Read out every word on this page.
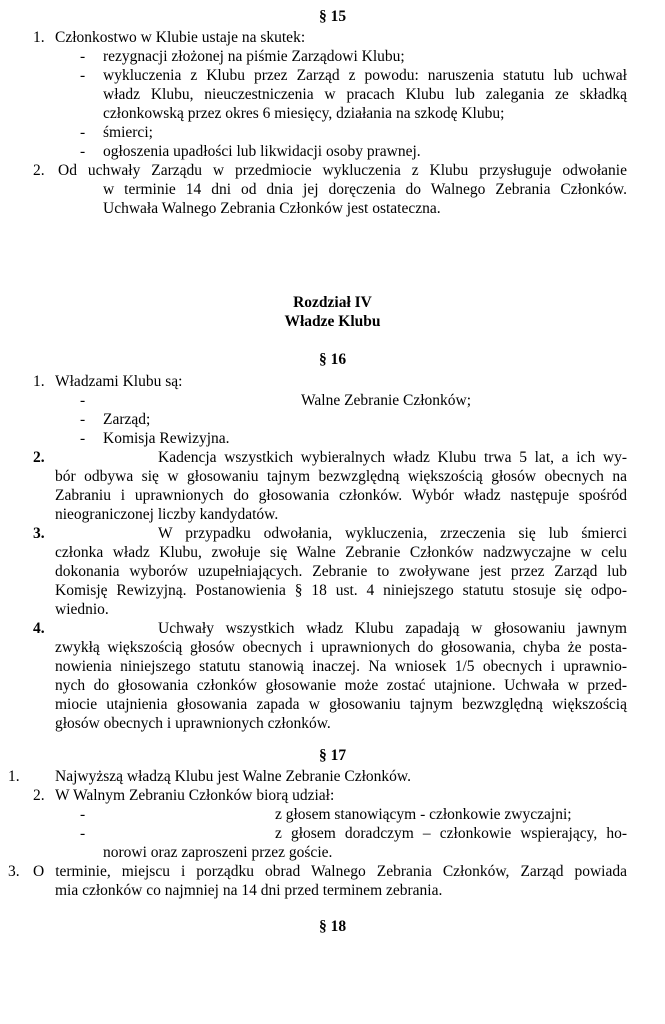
§ 15
1. Członkostwo w Klubie ustaje na skutek:
- rezygnacji złożonej na piśmie Zarządowi Klubu;
- wykluczenia z Klubu przez Zarząd z powodu: naruszenia statutu lub uchwał
władz Klubu, nieuczestniczenia w pracach Klubu lub zalegania ze składką
członkowską przez okres 6 miesięcy, działania na szkodę Klubu;
- śmierci;
- ogłoszenia upadłości lub likwidacji osoby prawnej.
2. Od uchwały Zarządu w przedmiocie wykluczenia z Klubu przysługuje odwołanie
w terminie 14 dni od dnia jej doręczenia do Walnego Zebrania Członków.
Uchwała Walnego Zebrania Członków jest ostateczna.
Rozdział IV
Władze Klubu
§ 16
1. Władzami Klubu są:
-	Walne Zebranie Członków;
- Zarząd;
- Komisja Rewizyjna.
2.	Kadencja wszystkich wybieralnych władz Klubu trwa 5 lat, a ich wy-
bór odbywa się w głosowaniu tajnym bezwzględną większością głosów obecnych na
Zabraniu i uprawnionych do głosowania członków. Wybór władz następuje spośród
nieograniczonej liczby kandydatów.
3.	W przypadku odwołania, wykluczenia, zrzeczenia się lub śmierci
członka władz Klubu, zwołuje się Walne Zebranie Członków nadzwyczajne w celu
dokonania wyborów uzupełniających. Zebranie to zwoływane jest przez Zarząd lub
Komisję Rewizyjną. Postanowienia § 18 ust. 4 niniejszego statutu stosuje się odpo-
wiednio.
4.	Uchwały wszystkich władz Klubu zapadają w głosowaniu jawnym
zwykłą większością głosów obecnych i uprawnionych do głosowania, chyba że posta-
nowienia niniejszego statutu stanowią inaczej. Na wniosek 1/5 obecnych i uprawnio-
nych do głosowania członków głosowanie może zostać utajnione. Uchwała w przed-
miocie utajnienia głosowania zapada w głosowaniu tajnym bezwzględną większością
głosów obecnych i uprawnionych członków.
§ 17
1. Najwyższą władzą Klubu jest Walne Zebranie Członków.
2. W Walnym Zebraniu Członków biorą udział:
-	z głosem stanowiącym - członkowie zwyczajni;
-	z głosem doradczym – członkowie wspierający, ho-
norowi oraz zaproszeni przez goście.
3. O terminie, miejscu i porządku obrad Walnego Zebrania Członków, Zarząd powiada
mia członków co najmniej na 14 dni przed terminem zebrania.
§ 18
